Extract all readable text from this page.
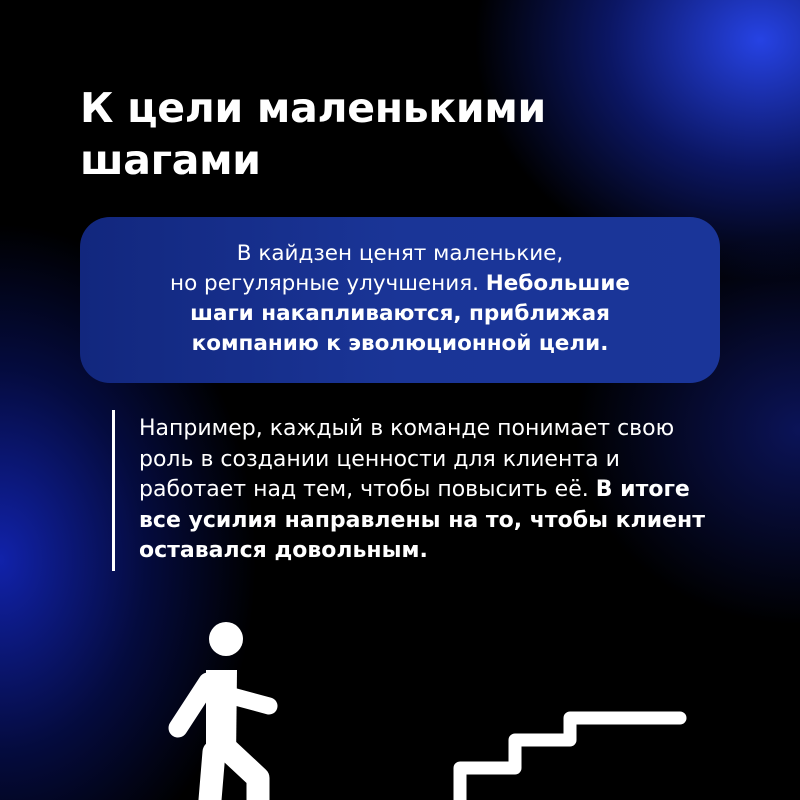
К цели маленькими
шагами
В кайдзен ценят маленькие,
но регулярные улучшения. Небольшие
шаги накапливаются, приближая
компанию к эволюционной цели.
Например, каждый в команде понимает свою роль в создании ценности для клиента и работает над тем, чтобы повысить её. В итоге все усилия направлены на то, чтобы клиент оставался довольным.
